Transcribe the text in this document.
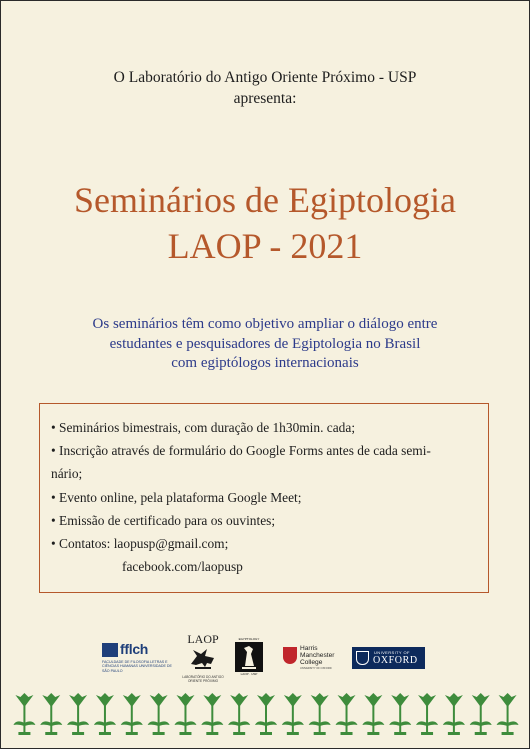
O Laboratório do Antigo Oriente Próximo - USP
apresenta:
Seminários de Egiptologia
LAOP - 2021
Os seminários têm como objetivo ampliar o diálogo entre
estudantes e pesquisadores de Egiptologia no Brasil
com egiptólogos internacionais

• Seminários bimestrais, com duração de 1h30min. cada;

• Inscrição através de formulário do Google Forms antes de cada semi-

nário;

• Evento online, pela plataforma Google Meet;

• Emissão de certificado para os ouvintes;

• Contatos: laopusp@gmail.com;

facebook.com/laopusp

fflch
FACULDADE DE FILOSOFIA LETRAS E CIÊNCIAS HUMANAS UNIVERSIDADE DE SÃO PAULO
LAOP
LABORATÓRIO DO ANTIGO ORIENTE PRÓXIMO
EGYPTOLOGY
LAOP · USP
Harris
Manchester
College
UNIVERSITY OF OXFORD
UNIVERSITY OF
OXFORD
